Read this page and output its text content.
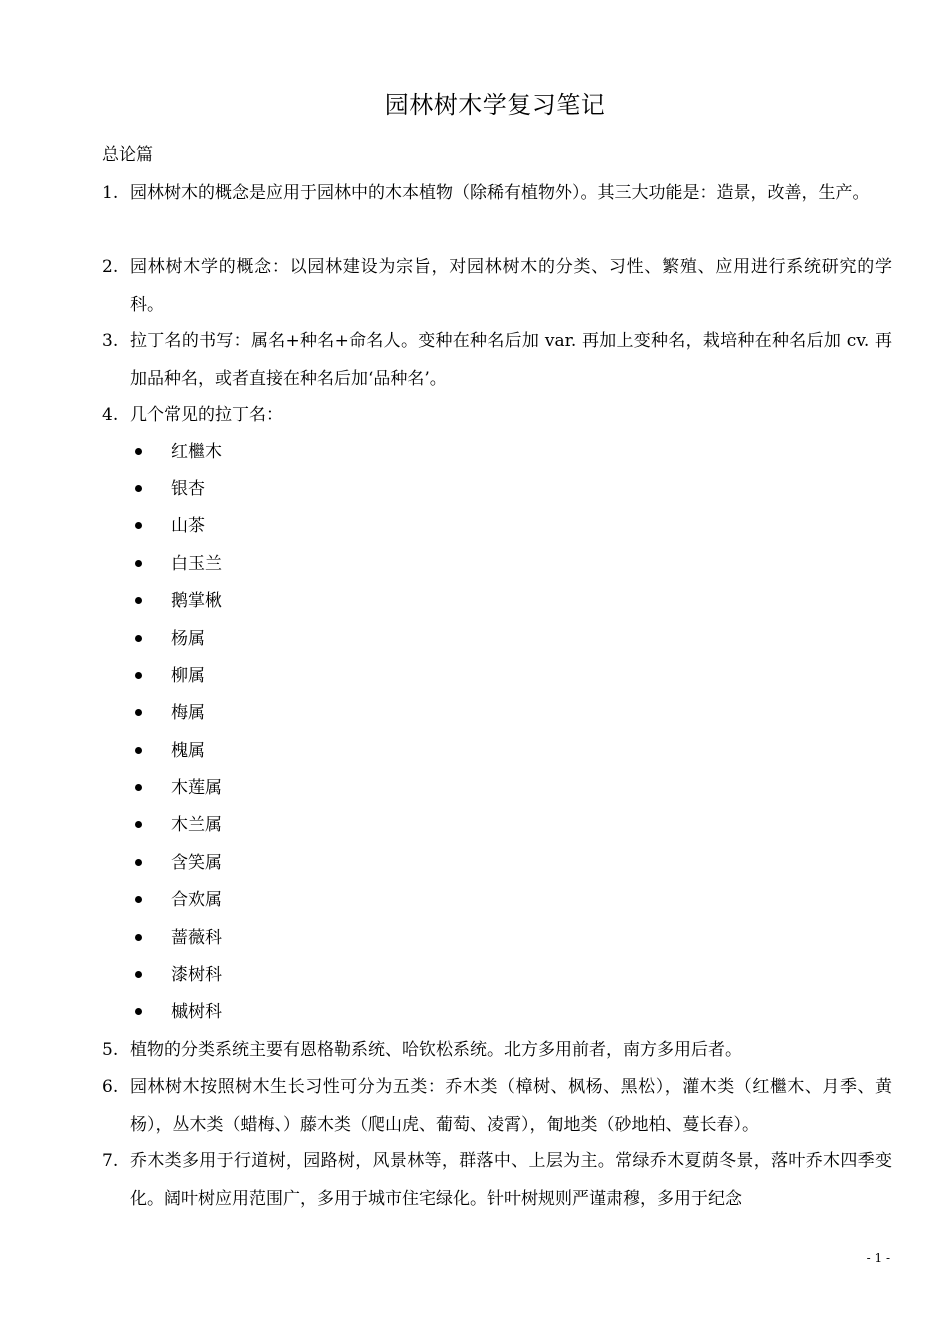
园林树木学复习笔记
总论篇
1. 园林树木的概念是应用于园林中的木本植物（除稀有植物外）。其三大功能是：造景，改善，生产。
2. 园林树木学的概念：以园林建设为宗旨，对园林树木的分类、习性、繁殖、应用进行系统研究的学科。
3. 拉丁名的书写：属名+种名+命名人。变种在种名后加 var. 再加上变种名，栽培种在种名后加 cv. 再加品种名，或者直接在种名后加‘品种名’。
4. 几个常见的拉丁名：
红檵木
银杏
山茶
白玉兰
鹅掌楸
杨属
柳属
梅属
槐属
木莲属
木兰属
含笑属
合欢属
蔷薇科
漆树科
槭树科
5. 植物的分类系统主要有恩格勒系统、哈钦松系统。北方多用前者，南方多用后者。
6. 园林树木按照树木生长习性可分为五类：乔木类（樟树、枫杨、黑松），灌木类（红檵木、月季、黄杨），丛木类（蜡梅、）藤木类（爬山虎、葡萄、凌霄），匍地类（砂地柏、蔓长春）。
7. 乔木类多用于行道树，园路树，风景林等，群落中、上层为主。常绿乔木夏荫冬景，落叶乔木四季变化。阔叶树应用范围广，多用于城市住宅绿化。针叶树规则严谨肃穆，多用于纪念
- 1 -
